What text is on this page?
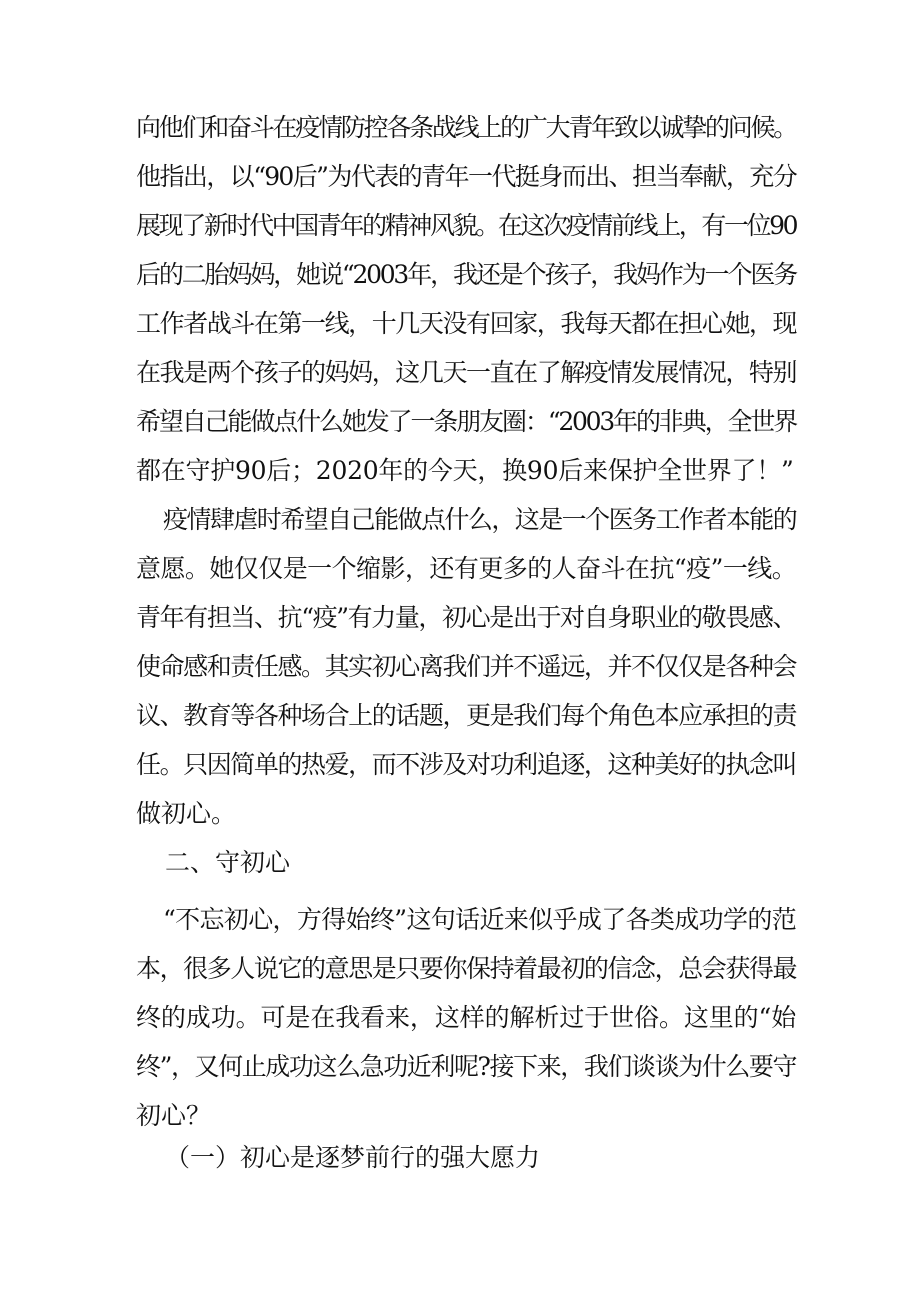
向他们和奋斗在疫情防控各条战线上的广大青年致以诚挚的问候。
他指出，以“90后”为代表的青年一代挺身而出、担当奉献，充分
展现了新时代中国青年的精神风貌。在这次疫情前线上，有一位90
后的二胎妈妈，她说“2003年，我还是个孩子，我妈作为一个医务
工作者战斗在第一线，十几天没有回家，我每天都在担心她，现
在我是两个孩子的妈妈，这几天一直在了解疫情发展情况，特别
希望自己能做点什么她发了一条朋友圈：“2003年的非典，全世界
都在守护90后；2020年的今天，换90后来保护全世界了！”
疫情肆虐时希望自己能做点什么，这是一个医务工作者本能的
意愿。她仅仅是一个缩影，还有更多的人奋斗在抗“疫”一线。
青年有担当、抗“疫”有力量，初心是出于对自身职业的敬畏感、
使命感和责任感。其实初心离我们并不遥远，并不仅仅是各种会
议、教育等各种场合上的话题，更是我们每个角色本应承担的责
任。只因简单的热爱，而不涉及对功利追逐，这种美好的执念叫
做初心。
二、守初心
“不忘初心，方得始终”这句话近来似乎成了各类成功学的范
本，很多人说它的意思是只要你保持着最初的信念，总会获得最
终的成功。可是在我看来，这样的解析过于世俗。这里的“始
终”，又何止成功这么急功近利呢?接下来，我们谈谈为什么要守
初心？
（一）初心是逐梦前行的强大愿力
